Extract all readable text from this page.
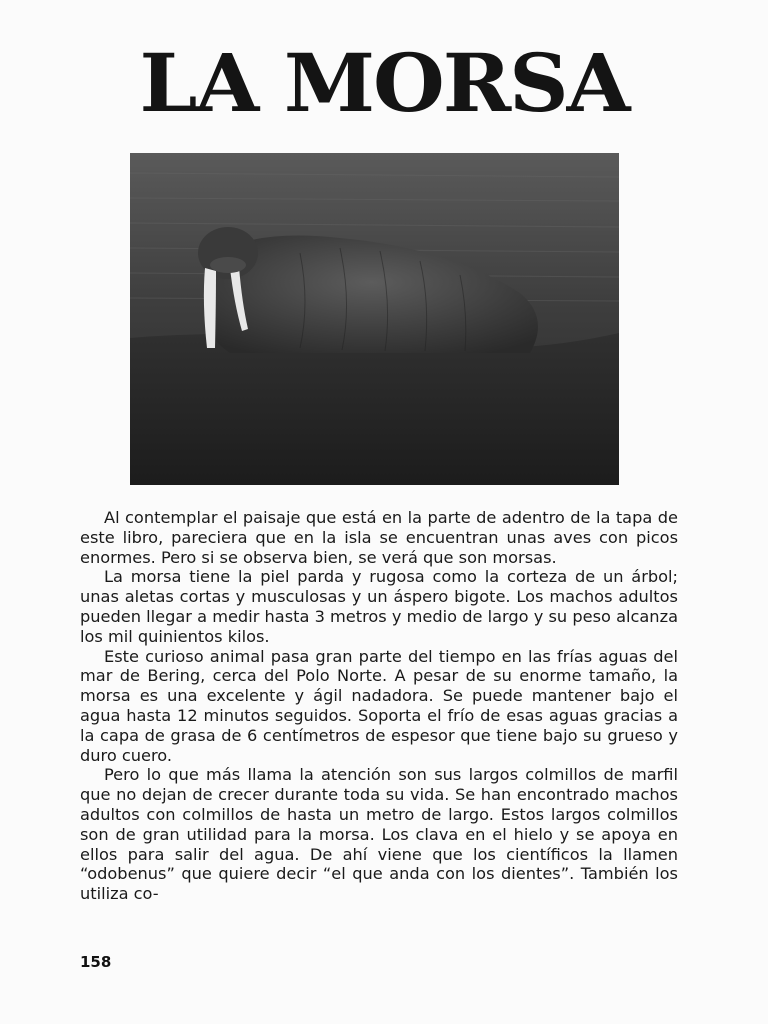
LA MORSA

Al contemplar el paisaje que está en la parte de adentro de la tapa de este libro, pareciera que en la isla se encuentran unas aves con picos enormes. Pero si se observa bien, se verá que son morsas.

La morsa tiene la piel parda y rugosa como la corteza de un árbol; unas aletas cortas y musculosas y un áspero bigote. Los machos adultos pueden llegar a medir hasta 3 metros y medio de largo y su peso alcanza los mil quinientos kilos.

Este curioso animal pasa gran parte del tiempo en las frías aguas del mar de Bering, cerca del Polo Norte. A pesar de su enorme tamaño, la morsa es una excelente y ágil nadadora. Se puede mantener bajo el agua hasta 12 minutos seguidos. Soporta el frío de esas aguas gracias a la capa de grasa de 6 centímetros de espesor que tiene bajo su grueso y duro cuero.

Pero lo que más llama la atención son sus largos colmillos de marfil que no dejan de crecer durante toda su vida. Se han encontrado machos adultos con colmillos de hasta un metro de largo. Estos largos colmillos son de gran utilidad para la morsa. Los clava en el hielo y se apoya en ellos para salir del agua. De ahí viene que los científicos la llamen “odobenus” que quiere decir “el que anda con los dientes”. También los utiliza co-

158
